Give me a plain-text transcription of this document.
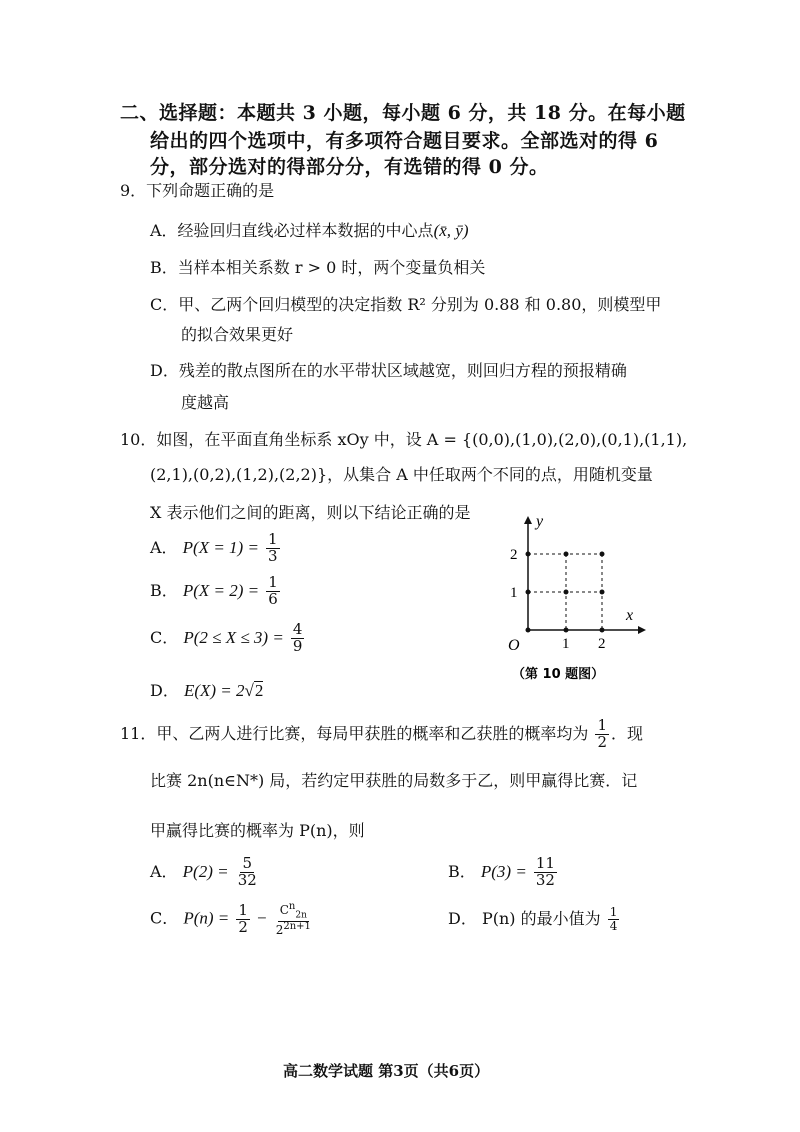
二、选择题：本题共 3 小题，每小题 6 分，共 18 分。在每小题
给出的四个选项中，有多项符合题目要求。全部选对的得 6
分，部分选对的得部分分，有选错的得 0 分。
9．下列命题正确的是
A．经验回归直线必过样本数据的中心点(x̄, ȳ)
B．当样本相关系数 r > 0 时，两个变量负相关
C．甲、乙两个回归模型的决定指数 R² 分别为 0.88 和 0.80，则模型甲
的拟合效果更好
D．残差的散点图所在的水平带状区域越宽，则回归方程的预报精确
度越高
10．如图，在平面直角坐标系 xOy 中，设 A = {(0,0),(1,0),(2,0),(0,1),(1,1),
(2,1),(0,2),(1,2),(2,2)}，从集合 A 中任取两个不同的点，用随机变量
X 表示他们之间的距离，则以下结论正确的是
A． $P(X = 1) = \frac{1}{3}$
B． $P(X = 2) = \frac{1}{6}$
C． $P(2 \le X \le 3) = \frac{4}{9}$
D． E(X) = 2√2
y
x
O	1 2
1
2
（第 10 题图）
11．甲、乙两人进行比赛，每局甲获胜的概率和乙获胜的概率均为 $\frac{1}{2}$ ．现
比赛 2n(n∈N*) 局，若约定甲获胜的局数多于乙，则甲赢得比赛．记
甲赢得比赛的概率为 P(n)，则
A． $P(2) = \frac{5}{32}$	B． $P(3) = \frac{11}{32}$
C． $P(n) = \frac{1}{2} - \frac{C^n_{2n}}{2^{2n+1}}$	D． P(n) 的最小值为 $\frac{1}{4}$
高二数学试题 第3页（共6页）
